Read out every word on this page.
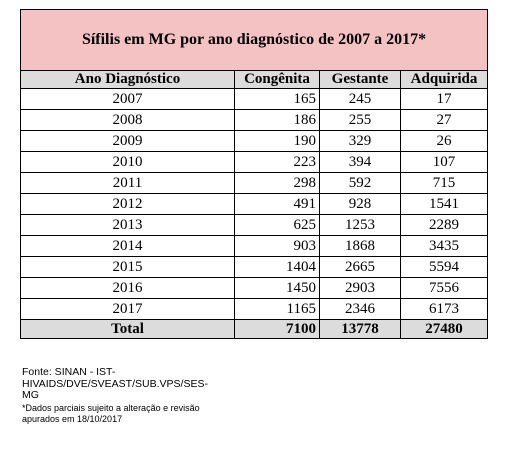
Sífilis em MG por ano diagnóstico de 2007 a 2017*			
Ano Diagnóstico	Congênita	Gestante	Adquirida
2007	165	245	17
2008	186	255	27
2009	190	329	26
2010	223	394	107
2011	298	592	715
2012	491	928	1541
2013	625	1253	2289
2014	903	1868	3435
2015	1404	2665	5594
2016	1450	2903	7556
2017	1165	2346	6173
Total	7100	13778	27480
Fonte: SINAN - IST-
HIVAIDS/DVE/SVEAST/SUB.VPS/SES-
MG
*Dados parciais sujeito a alteração e revisão
apurados em 18/10/2017
